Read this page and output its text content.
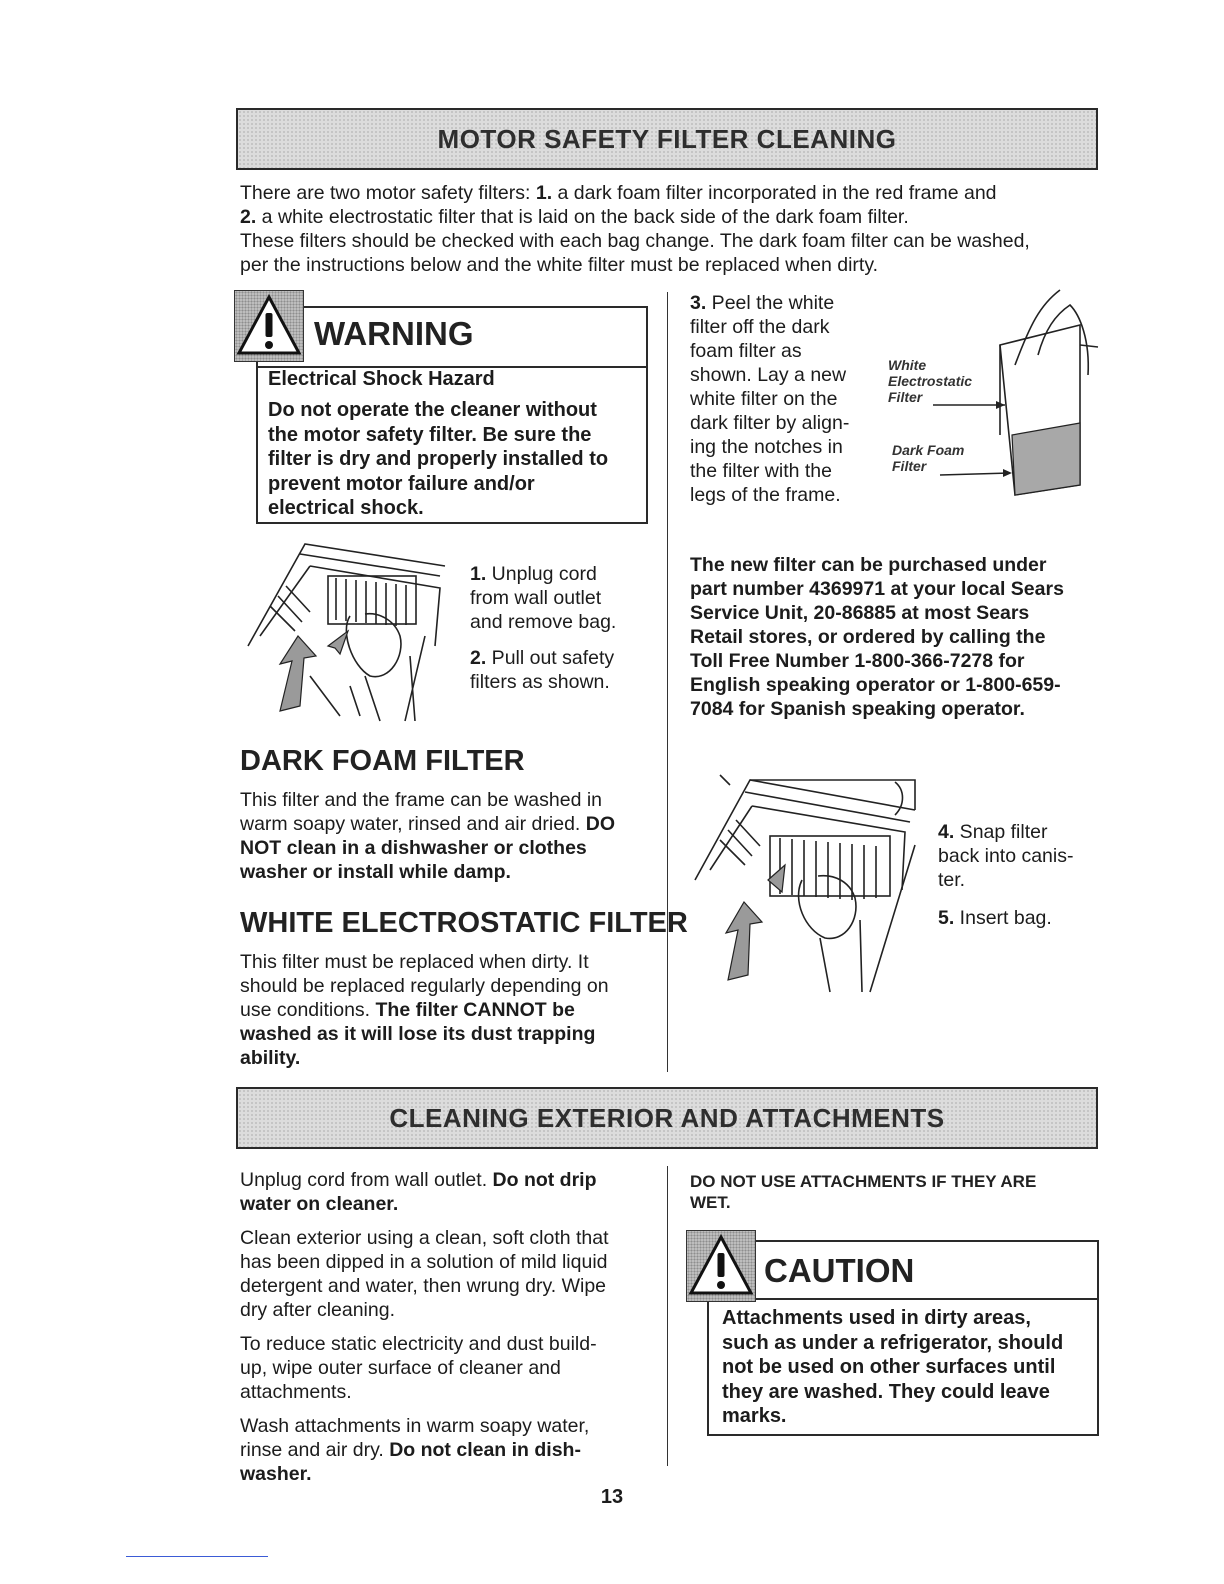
MOTOR SAFETY FILTER CLEANING

There are two motor safety filters: 1. a dark foam filter incorporated in the red frame and

2. a white electrostatic filter that is laid on the back side of the dark foam filter.

These filters should be checked with each bag change. The dark foam filter can be washed,

per the instructions below and the white filter must be replaced when dirty.

WARNING

Electrical Shock Hazard

Do not operate the cleaner without

the motor safety filter. Be sure the

filter is dry and properly installed to

prevent motor failure and/or

electrical shock.

1. Unplug cord

from wall outlet

and remove bag.

2. Pull out safety

filters as shown.

DARK FOAM FILTER

This filter and the frame can be washed in

warm soapy water, rinsed and air dried. DO

NOT clean in a dishwasher or clothes

washer or install while damp.

WHITE ELECTROSTATIC FILTER

This filter must be replaced when dirty. It

should be replaced regularly depending on

use conditions. The filter CANNOT be

washed as it will lose its dust trapping

ability.

3. Peel the white

filter off the dark

foam filter as

shown. Lay a new

white filter on the

dark filter by align-

ing the notches in

the filter with the

legs of the frame.

White
Electrostatic
Filter
Dark Foam
Filter

The new filter can be purchased under

part number 4369971 at your local Sears

Service Unit, 20-86885 at most Sears

Retail stores, or ordered by calling the

Toll Free Number 1-800-366-7278 for

English speaking operator or 1-800-659-

7084 for Spanish speaking operator.

4. Snap filter

back into canis-

ter.

5. Insert bag.

CLEANING EXTERIOR AND ATTACHMENTS

Unplug cord from wall outlet. Do not drip

water on cleaner.

Clean exterior using a clean, soft cloth that

has been dipped in a solution of mild liquid

detergent and water, then wrung dry. Wipe

dry after cleaning.

To reduce static electricity and dust build-

up, wipe outer surface of cleaner and

attachments.

Wash attachments in warm soapy water,

rinse and air dry. Do not clean in dish-

washer.

DO NOT USE ATTACHMENTS IF THEY ARE
WET.
CAUTION

Attachments used in dirty areas,

such as under a refrigerator, should

not be used on other surfaces until

they are washed. They could leave

marks.

13
